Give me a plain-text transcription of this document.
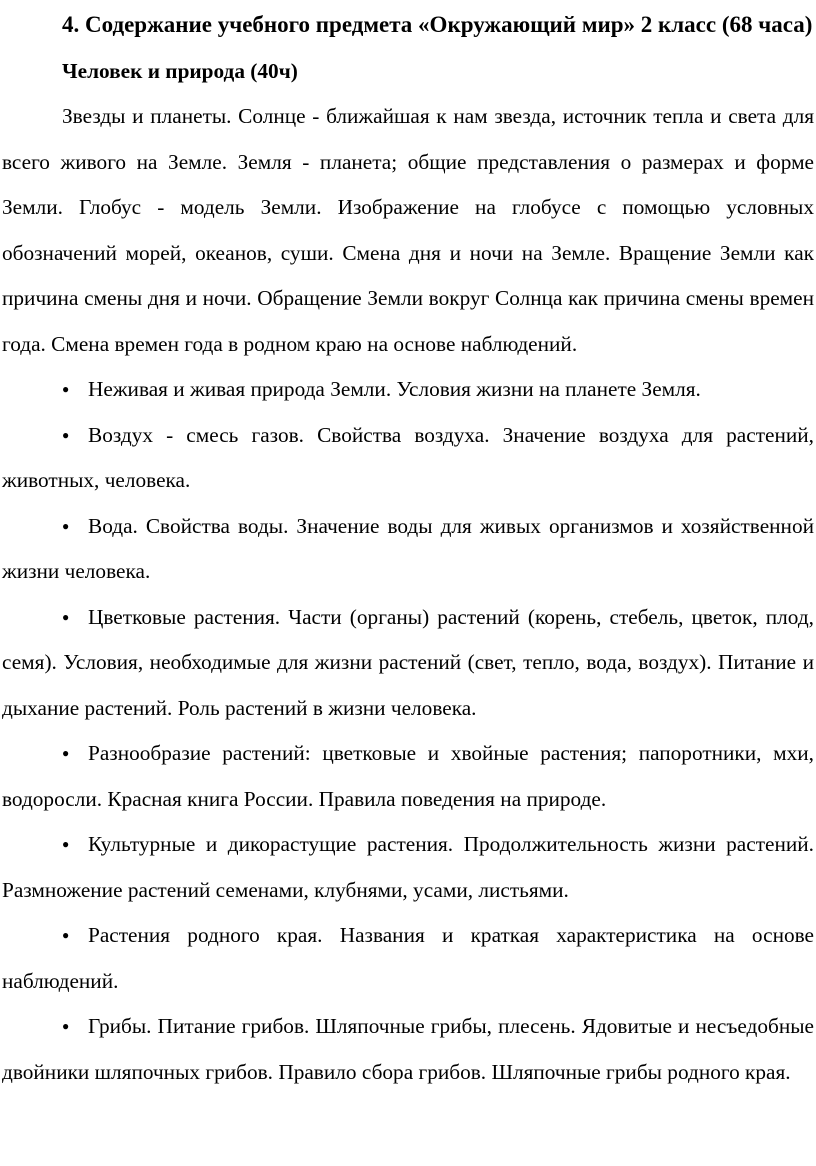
4. Содержание учебного предмета «Окружающий мир» 2 класс (68 часа)

Человек и природа (40ч)

Звезды и планеты. Солнце - ближайшая к нам звезда, источник тепла и света для всего живого на Земле. Земля - планета; общие представления о размерах и форме Земли. Глобус - модель Земли. Изображение на глобусе с помощью условных обозначений морей, океанов, суши. Смена дня и ночи на Земле. Вращение Земли как причина смены дня и ночи. Обращение Земли вокруг Солнца как причина смены времен года. Смена времен года в родном краю на основе наблюдений.

● Неживая и живая природа Земли. Условия жизни на планете Земля.

● Воздух - смесь газов. Свойства воздуха. Значение воздуха для растений, животных, человека.

● Вода. Свойства воды. Значение воды для живых организмов и хозяйственной жизни человека.

● Цветковые растения. Части (органы) растений (корень, стебель, цветок, плод, семя). Условия, необходимые для жизни растений (свет, тепло, вода, воздух). Питание и дыхание растений. Роль растений в жизни человека.

● Разнообразие растений: цветковые и хвойные растения; папоротники, мхи, водоросли. Красная книга России. Правила поведения на природе.

● Культурные и дикорастущие растения. Продолжительность жизни растений. Размножение растений семенами, клубнями, усами, листьями.

● Растения родного края. Названия и краткая характеристика на основе наблюдений.

● Грибы. Питание грибов. Шляпочные грибы, плесень. Ядовитые и несъедобные двойники шляпочных грибов. Правило сбора грибов. Шляпочные грибы родного края.
